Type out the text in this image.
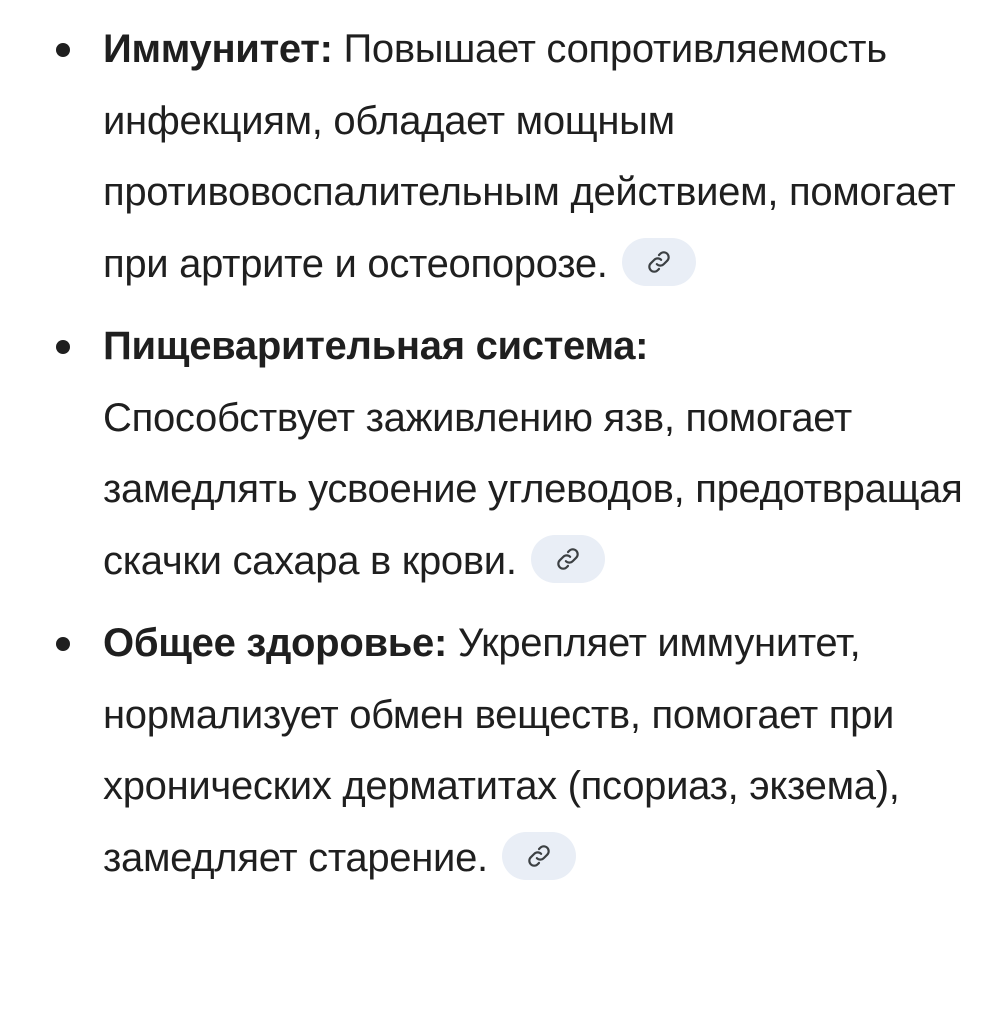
Иммунитет: Повышает сопротивляемость инфекциям, обладает мощным противовоспалительным действием, помогает при артрите и остеопорозе.
Пищеварительная система:
Способствует заживлению язв, помогает замедлять усвоение углеводов, предотвращая скачки сахара в крови.
Общее здоровье: Укрепляет иммунитет, нормализует обмен веществ, помогает при хронических дерматитах (псориаз, экзема), замедляет старение.
